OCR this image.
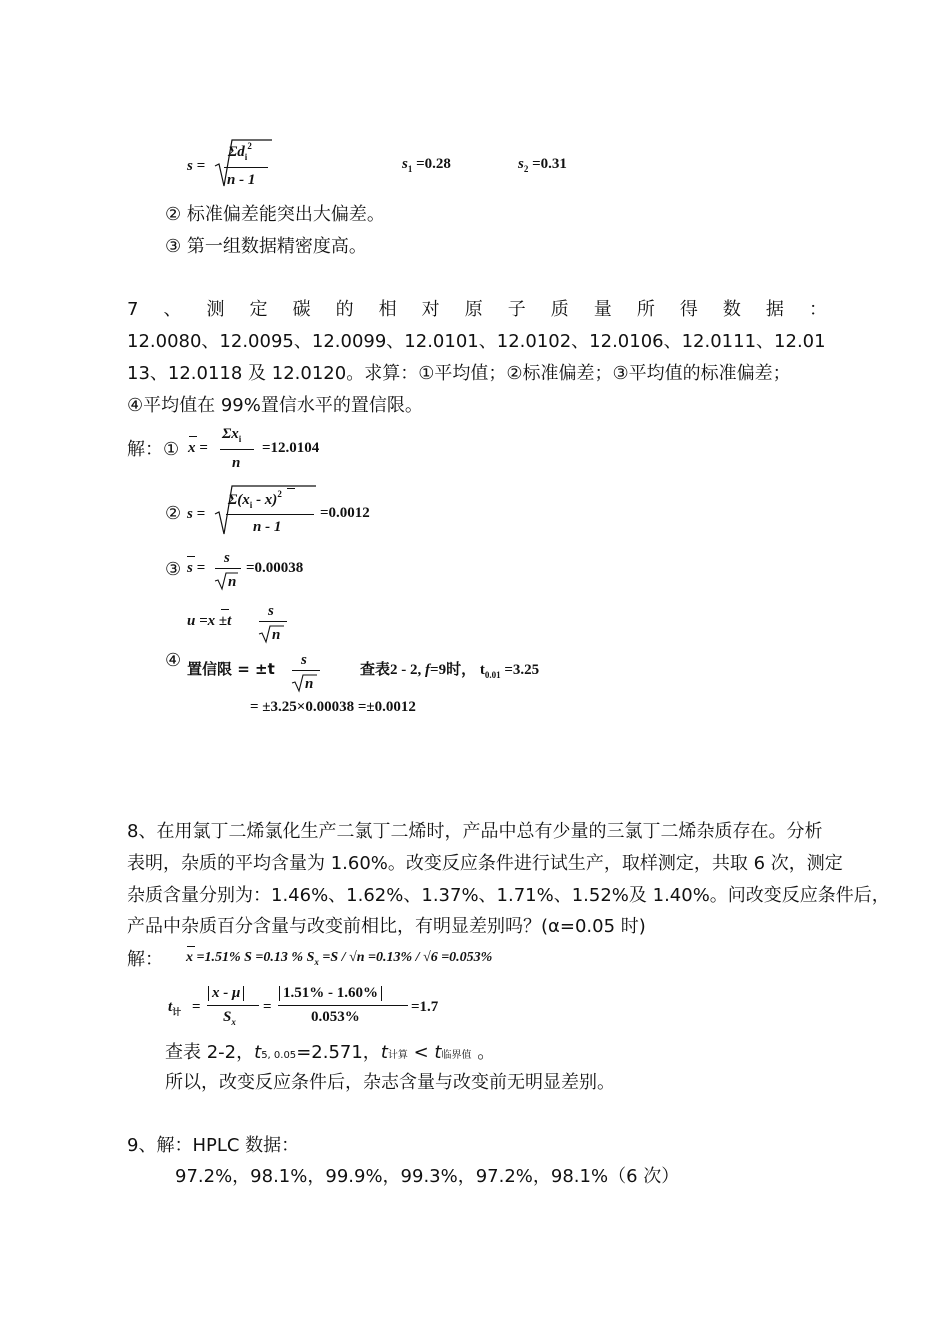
s =
$\Sigma d_i^2$
n - 1
$s_1 =0.28$	$s_2 =0.31$
② 标准偏差能突出大偏差。
③ 第一组数据精密度高。
7 、 测 定 碳 的 相 对 原 子 质 量 所 得 数 据 ：
12.0080、12.0095、12.0099、12.0101、12.0102、12.0106、12.0111、12.01
13、12.0118 及 12.0120。求算：①平均值；②标准偏差；③平均值的标准偏差；
④平均值在 99%置信水平的置信限。
解：① x =
$\Sigma x_i$
n
=12.0104
② s =
$\Sigma(x_i - x)^2$
n - 1
=0.0012
③ s =
s
n
=0.00038
u =x ±t
s
n
④ 置信限 = ±t s
n
查表2 - 2, f=9时， $t_{0.01} =3.25$
= ±3.25×0.00038 =±0.0012
8、在用氯丁二烯氯化生产二氯丁二烯时，产品中总有少量的三氯丁二烯杂质存在。分析
表明，杂质的平均含量为 1.60%。改变反应条件进行试生产，取样测定，共取 6 次，测定
杂质含量分别为：1.46%、1.62%、1.37%、1.71%、1.52%及 1.40%。问改变反应条件后，
产品中杂质百分含量与改变前相比，有明显差别吗？(α=0.05 时)
解： x =1.51% S =0.13 % $S_x =S / √n =0.13\% / √6 =0.053\%$
$t_计$ =
x - μ
$S_x$
=
1.51% - 1.60%
0.053%
=1.7
查表 2-2，t5, 0.05=2.571，t计算 < t临界值 。
所以，改变反应条件后，杂志含量与改变前无明显差别。
9、解：HPLC 数据：
97.2%，98.1%，99.9%，99.3%，97.2%，98.1%（6 次）
